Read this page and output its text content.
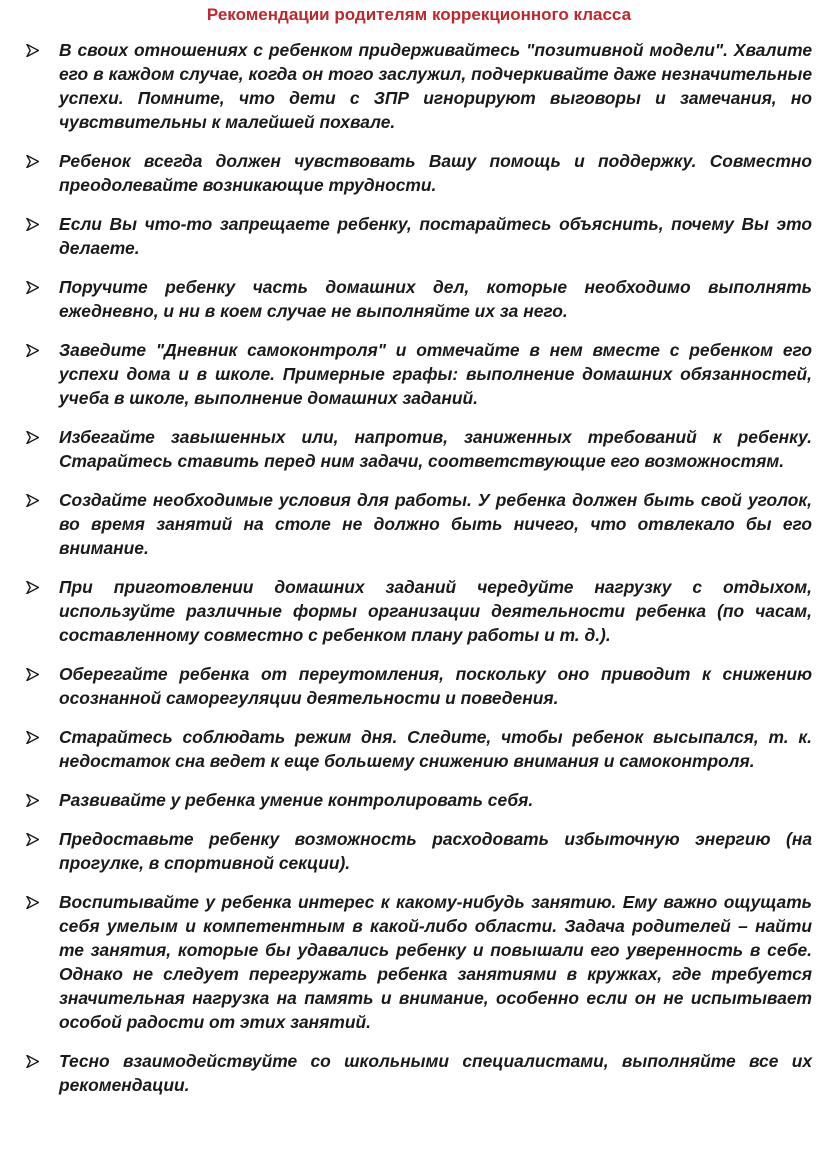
Рекомендации родителям коррекционного класса
В своих отношениях с ребенком придерживайтесь "позитивной модели". Хвалите его в каждом случае, когда он того заслужил, подчеркивайте даже незначительные успехи. Помните, что дети с ЗПР игнорируют выговоры и замечания, но чувствительны к малейшей похвале.
Ребенок всегда должен чувствовать Вашу помощь и поддержку. Совместно преодолевайте возникающие трудности.
Если Вы что-то запрещаете ребенку, постарайтесь объяснить, почему Вы это делаете.
Поручите ребенку часть домашних дел, которые необходимо выполнять ежедневно, и ни в коем случае не выполняйте их за него.
Заведите "Дневник самоконтроля" и отмечайте в нем вместе с ребенком его успехи дома и в школе. Примерные графы: выполнение домашних обязанностей, учеба в школе, выполнение домашних заданий.
Избегайте завышенных или, напротив, заниженных требований к ребенку. Старайтесь ставить перед ним задачи, соответствующие его возможностям.
Создайте необходимые условия для работы. У ребенка должен быть свой уголок, во время занятий на столе не должно быть ничего, что отвлекало бы его внимание.
При приготовлении домашних заданий чередуйте нагрузку с отдыхом, используйте различные формы организации деятельности ребенка (по часам, составленному совместно с ребенком плану работы и т. д.).
Оберегайте ребенка от переутомления, поскольку оно приводит к снижению осознанной саморегуляции деятельности и поведения.
Старайтесь соблюдать режим дня. Следите, чтобы ребенок высыпался, т. к. недостаток сна ведет к еще большему снижению внимания и самоконтроля.
Развивайте у ребенка умение контролировать себя.
Предоставьте ребенку возможность расходовать избыточную энергию (на прогулке, в спортивной секции).
Воспитывайте у ребенка интерес к какому-нибудь занятию. Ему важно ощущать себя умелым и компетентным в какой-либо области. Задача родителей – найти те занятия, которые бы удавались ребенку и повышали его уверенность в себе. Однако не следует перегружать ребенка занятиями в кружках, где требуется значительная нагрузка на память и внимание, особенно если он не испытывает особой радости от этих занятий.
Тесно взаимодействуйте со школьными специалистами, выполняйте все их рекомендации.
